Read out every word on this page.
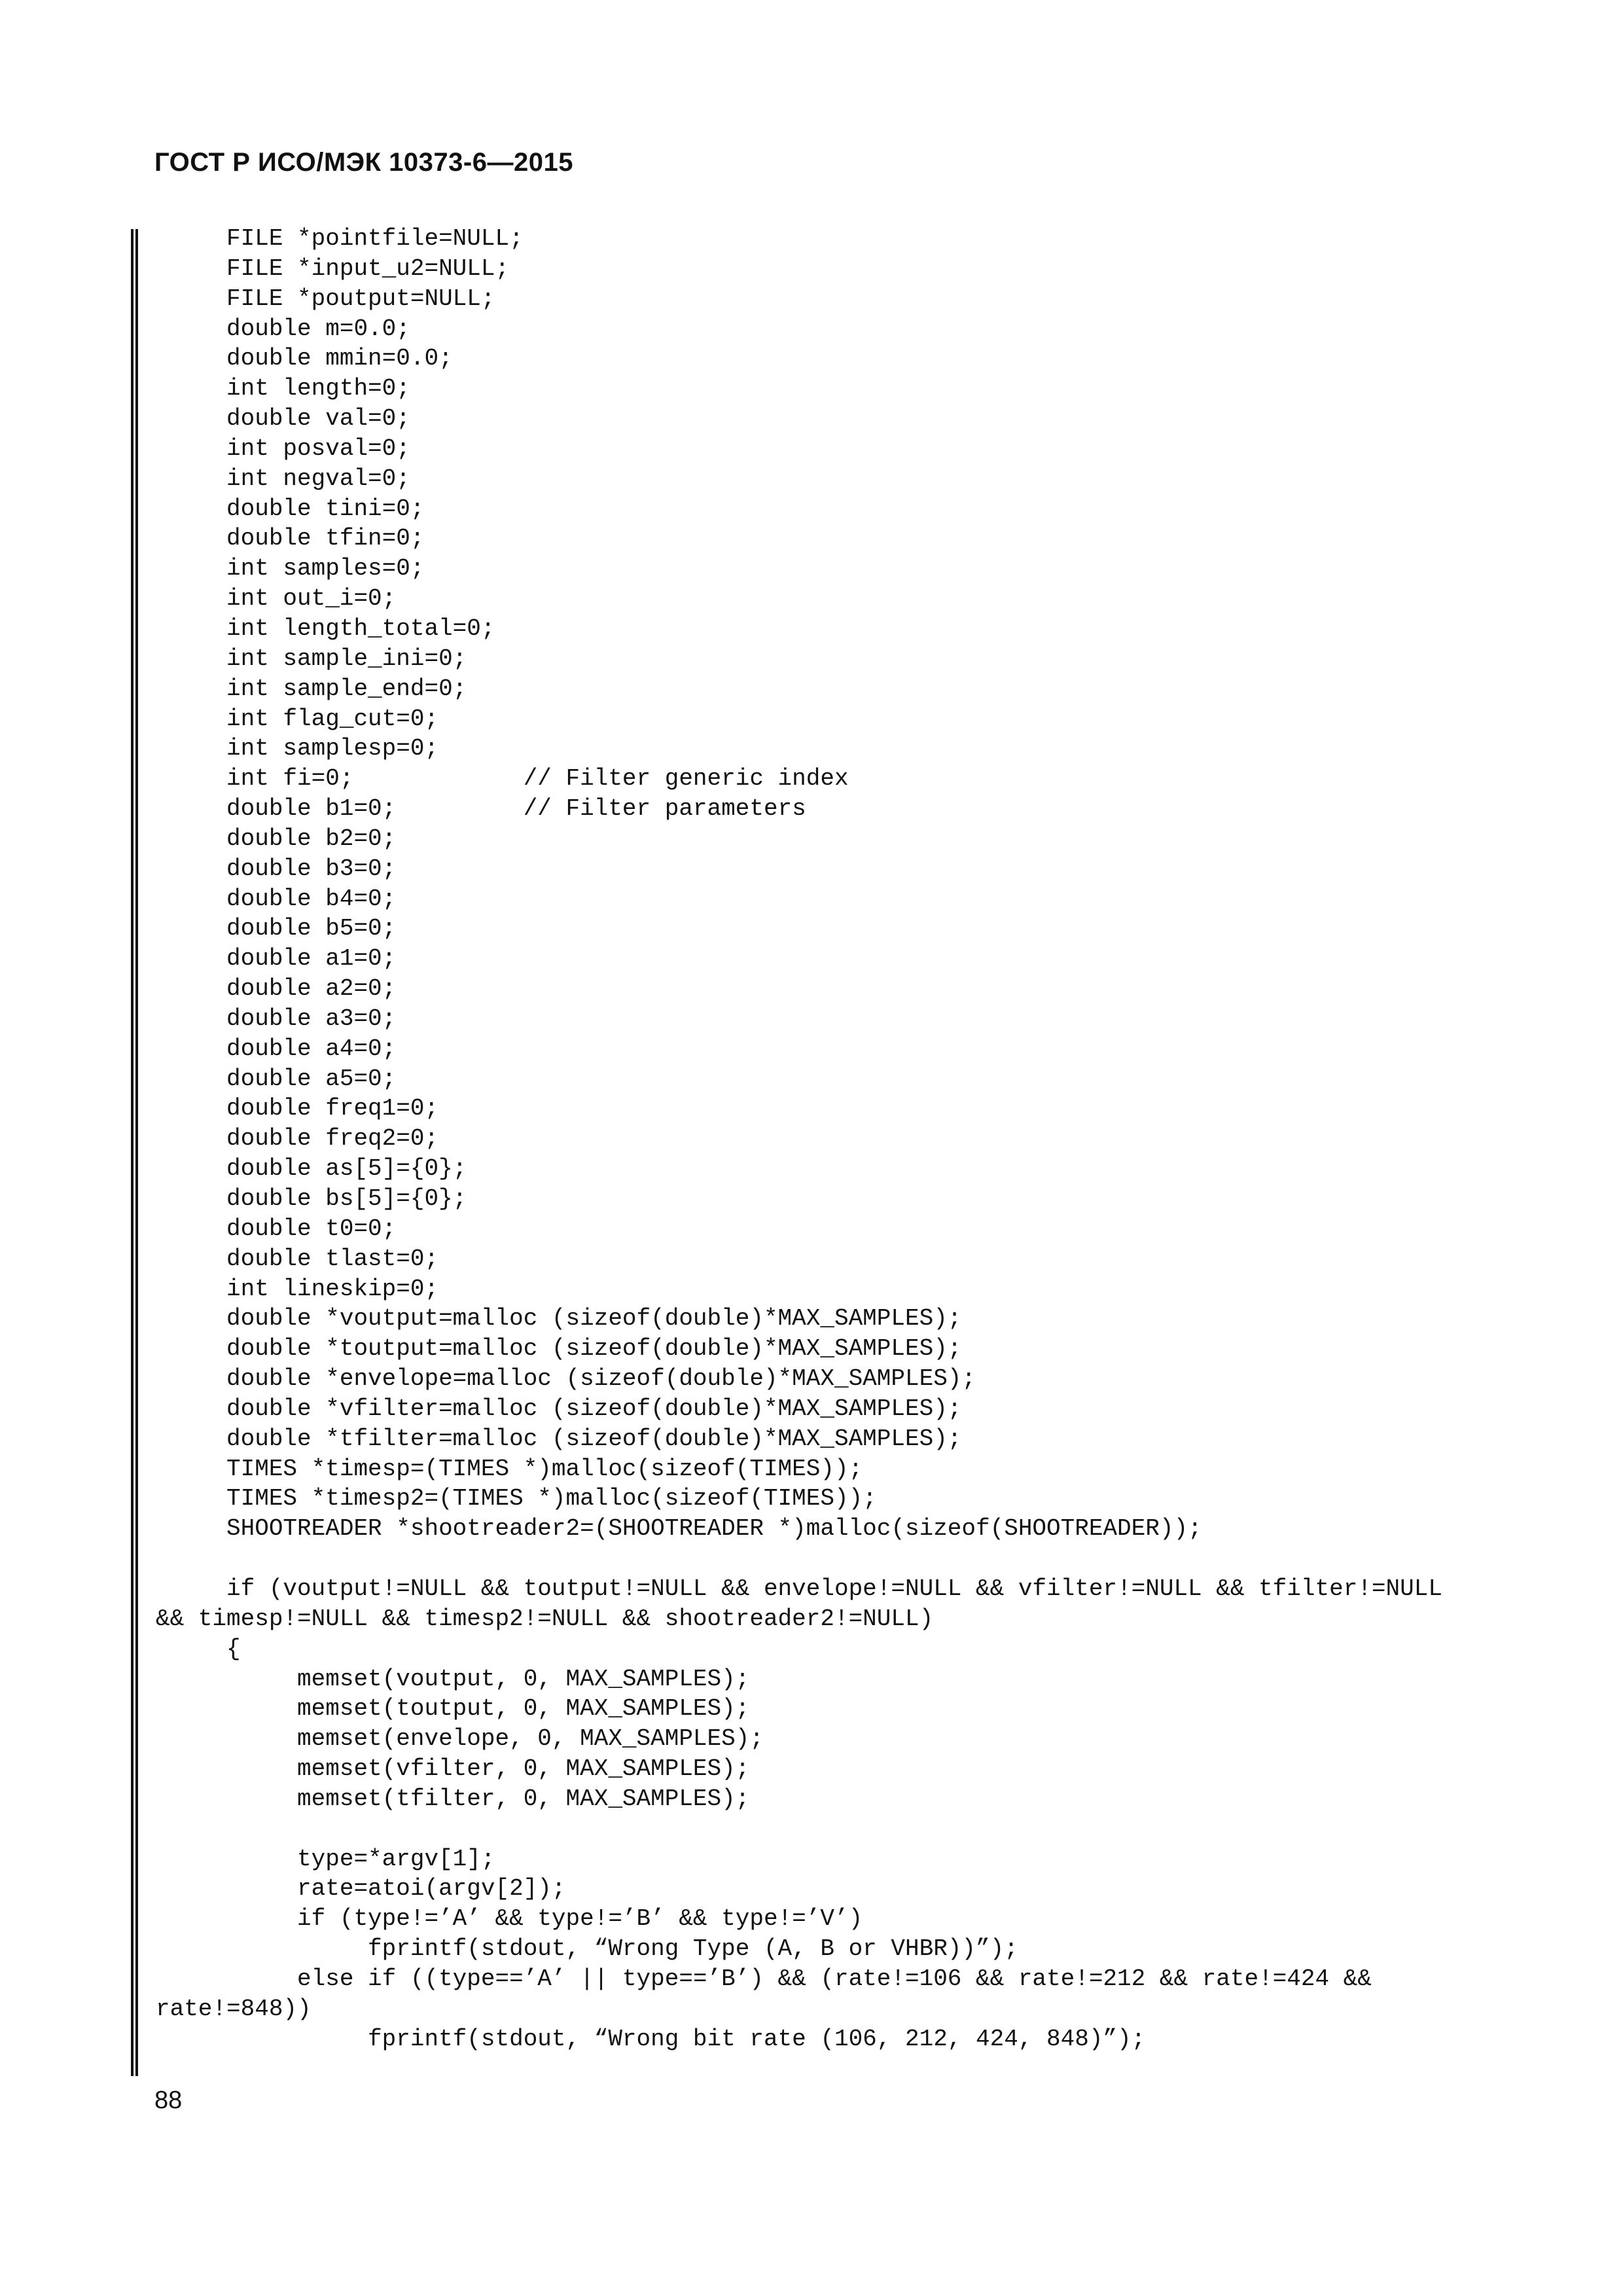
ГОСТ Р ИСО/МЭК 10373-6—2015
FILE *pointfile=NULL;
FILE *input_u2=NULL;
FILE *poutput=NULL;
double m=0.0;
double mmin=0.0;
int length=0;
double val=0;
int posval=0;
int negval=0;
double tini=0;
double tfin=0;
int samples=0;
int out_i=0;
int length_total=0;
int sample_ini=0;
int sample_end=0;
int flag_cut=0;
int samplesp=0;
int fi=0;            // Filter generic index
double b1=0;         // Filter parameters
double b2=0;
double b3=0;
double b4=0;
double b5=0;
double a1=0;
double a2=0;
double a3=0;
double a4=0;
double a5=0;
double freq1=0;
double freq2=0;
double as[5]={0};
double bs[5]={0};
double t0=0;
double tlast=0;
int lineskip=0;
double *voutput=malloc (sizeof(double)*MAX_SAMPLES);
double *toutput=malloc (sizeof(double)*MAX_SAMPLES);
double *envelope=malloc (sizeof(double)*MAX_SAMPLES);
double *vfilter=malloc (sizeof(double)*MAX_SAMPLES);
double *tfilter=malloc (sizeof(double)*MAX_SAMPLES);
TIMES *timesp=(TIMES *)malloc(sizeof(TIMES));
TIMES *timesp2=(TIMES *)malloc(sizeof(TIMES));
SHOOTREADER *shootreader2=(SHOOTREADER *)malloc(sizeof(SHOOTREADER));
if (voutput!=NULL && toutput!=NULL && envelope!=NULL && vfilter!=NULL && tfilter!=NULL
&& timesp!=NULL && timesp2!=NULL && shootreader2!=NULL)
{
memset(voutput, 0, MAX_SAMPLES);
memset(toutput, 0, MAX_SAMPLES);
memset(envelope, 0, MAX_SAMPLES);
memset(vfilter, 0, MAX_SAMPLES);
memset(tfilter, 0, MAX_SAMPLES);
type=*argv[1];
rate=atoi(argv[2]);
if (type!=’A’ && type!=’B’ && type!=’V’)
fprintf(stdout, “Wrong Type (A, B or VHBR))”);
else if ((type==’A’ || type==’B’) && (rate!=106 && rate!=212 && rate!=424 &&
rate!=848))
fprintf(stdout, “Wrong bit rate (106, 212, 424, 848)”);
88
